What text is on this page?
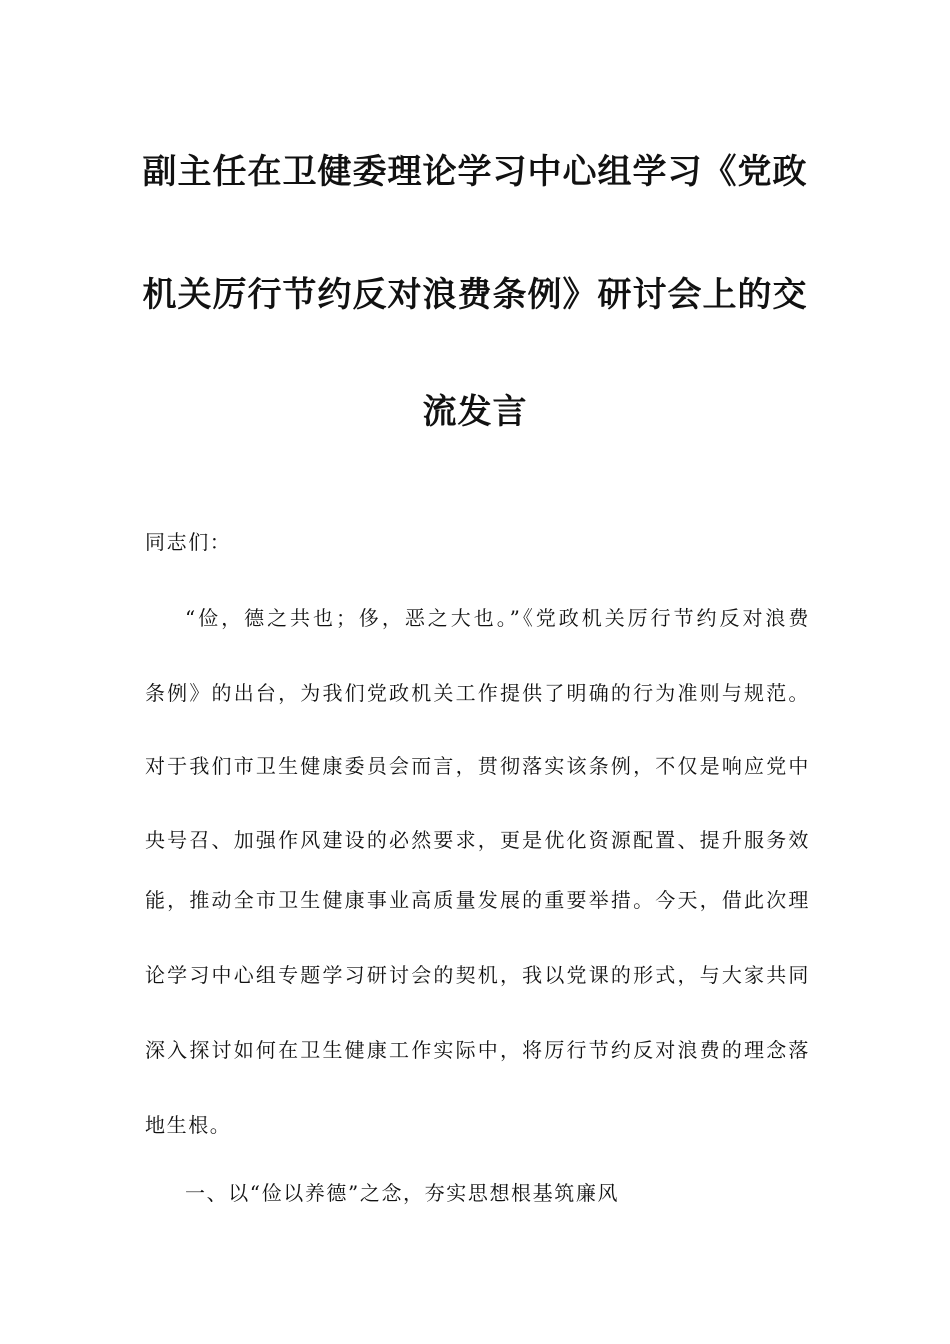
副主任在卫健委理论学习中心组学习《党政
机关厉行节约反对浪费条例》研讨会上的交
流发言
同志们：
“俭，德之共也；侈，恶之大也。”《党政机关厉行节约反对浪费
条例》的出台，为我们党政机关工作提供了明确的行为准则与规范。
对于我们市卫生健康委员会而言，贯彻落实该条例，不仅是响应党中
央号召、加强作风建设的必然要求，更是优化资源配置、提升服务效
能，推动全市卫生健康事业高质量发展的重要举措。今天，借此次理
论学习中心组专题学习研讨会的契机，我以党课的形式，与大家共同
深入探讨如何在卫生健康工作实际中，将厉行节约反对浪费的理念落
地生根。
一、以“俭以养德”之念，夯实思想根基筑廉风
